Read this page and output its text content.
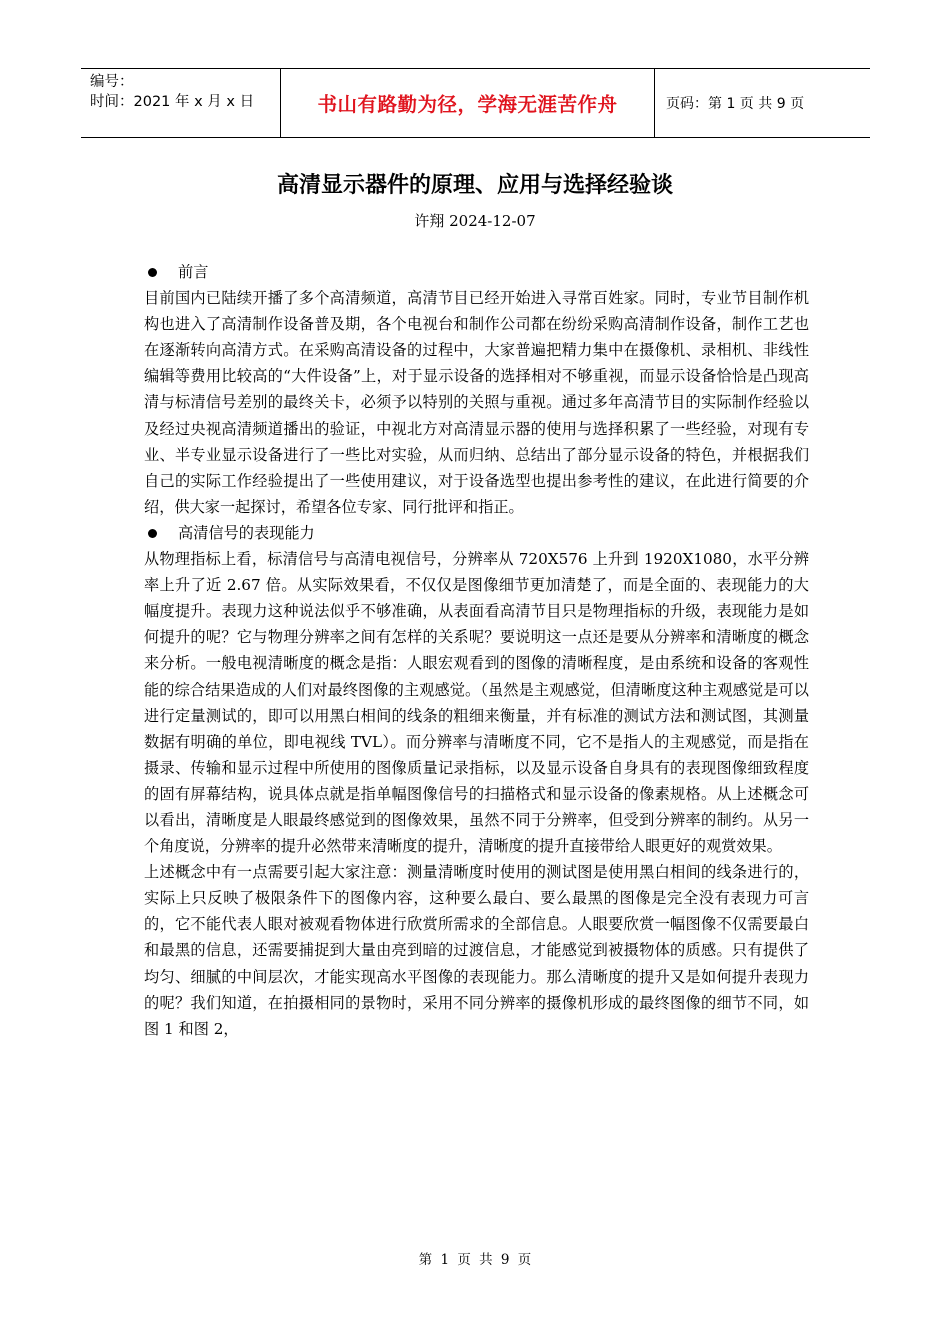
编号：
时间：2021 年 x 月 x 日	书山有路勤为径，学海无涯苦作舟	页码：第 1 页 共 9 页
高清显示器件的原理、应用与选择经验谈
许翔 2024-12-07
前言

目前国内已陆续开播了多个高清频道，高清节目已经开始进入寻常百姓家。同时，专业节目制作机构也进入了高清制作设备普及期，各个电视台和制作公司都在纷纷采购高清制作设备，制作工艺也在逐渐转向高清方式。在采购高清设备的过程中，大家普遍把精力集中在摄像机、录相机、非线性编辑等费用比较高的“大件设备”上，对于显示设备的选择相对不够重视，而显示设备恰恰是凸现高清与标清信号差别的最终关卡，必须予以特别的关照与重视。通过多年高清节目的实际制作经验以及经过央视高清频道播出的验证，中视北方对高清显示器的使用与选择积累了一些经验，对现有专业、半专业显示设备进行了一些比对实验，从而归纳、总结出了部分显示设备的特色，并根据我们自己的实际工作经验提出了一些使用建议，对于设备选型也提出参考性的建议，在此进行简要的介绍，供大家一起探讨，希望各位专家、同行批评和指正。

高清信号的表现能力

从物理指标上看，标清信号与高清电视信号，分辨率从 720X576 上升到 1920X1080，水平分辨率上升了近 2.67 倍。从实际效果看，不仅仅是图像细节更加清楚了，而是全面的、表现能力的大幅度提升。表现力这种说法似乎不够准确，从表面看高清节目只是物理指标的升级，表现能力是如何提升的呢？它与物理分辨率之间有怎样的关系呢？要说明这一点还是要从分辨率和清晰度的概念来分析。一般电视清晰度的概念是指：人眼宏观看到的图像的清晰程度，是由系统和设备的客观性能的综合结果造成的人们对最终图像的主观感觉。（虽然是主观感觉，但清晰度这种主观感觉是可以进行定量测试的，即可以用黑白相间的线条的粗细来衡量，并有标准的测试方法和测试图，其测量数据有明确的单位，即电视线 TVL）。而分辨率与清晰度不同，它不是指人的主观感觉，而是指在摄录、传输和显示过程中所使用的图像质量记录指标，以及显示设备自身具有的表现图像细致程度的固有屏幕结构，说具体点就是指单幅图像信号的扫描格式和显示设备的像素规格。从上述概念可以看出，清晰度是人眼最终感觉到的图像效果，虽然不同于分辨率，但受到分辨率的制约。从另一个角度说，分辨率的提升必然带来清晰度的提升，清晰度的提升直接带给人眼更好的观赏效果。

上述概念中有一点需要引起大家注意：测量清晰度时使用的测试图是使用黑白相间的线条进行的，实际上只反映了极限条件下的图像内容，这种要么最白、要么最黑的图像是完全没有表现力可言的，它不能代表人眼对被观看物体进行欣赏所需求的全部信息。人眼要欣赏一幅图像不仅需要最白和最黑的信息，还需要捕捉到大量由亮到暗的过渡信息，才能感觉到被摄物体的质感。只有提供了均匀、细腻的中间层次，才能实现高水平图像的表现能力。那么清晰度的提升又是如何提升表现力的呢？我们知道，在拍摄相同的景物时，采用不同分辨率的摄像机形成的最终图像的细节不同，如图 1 和图 2，

第 1 页 共 9 页
